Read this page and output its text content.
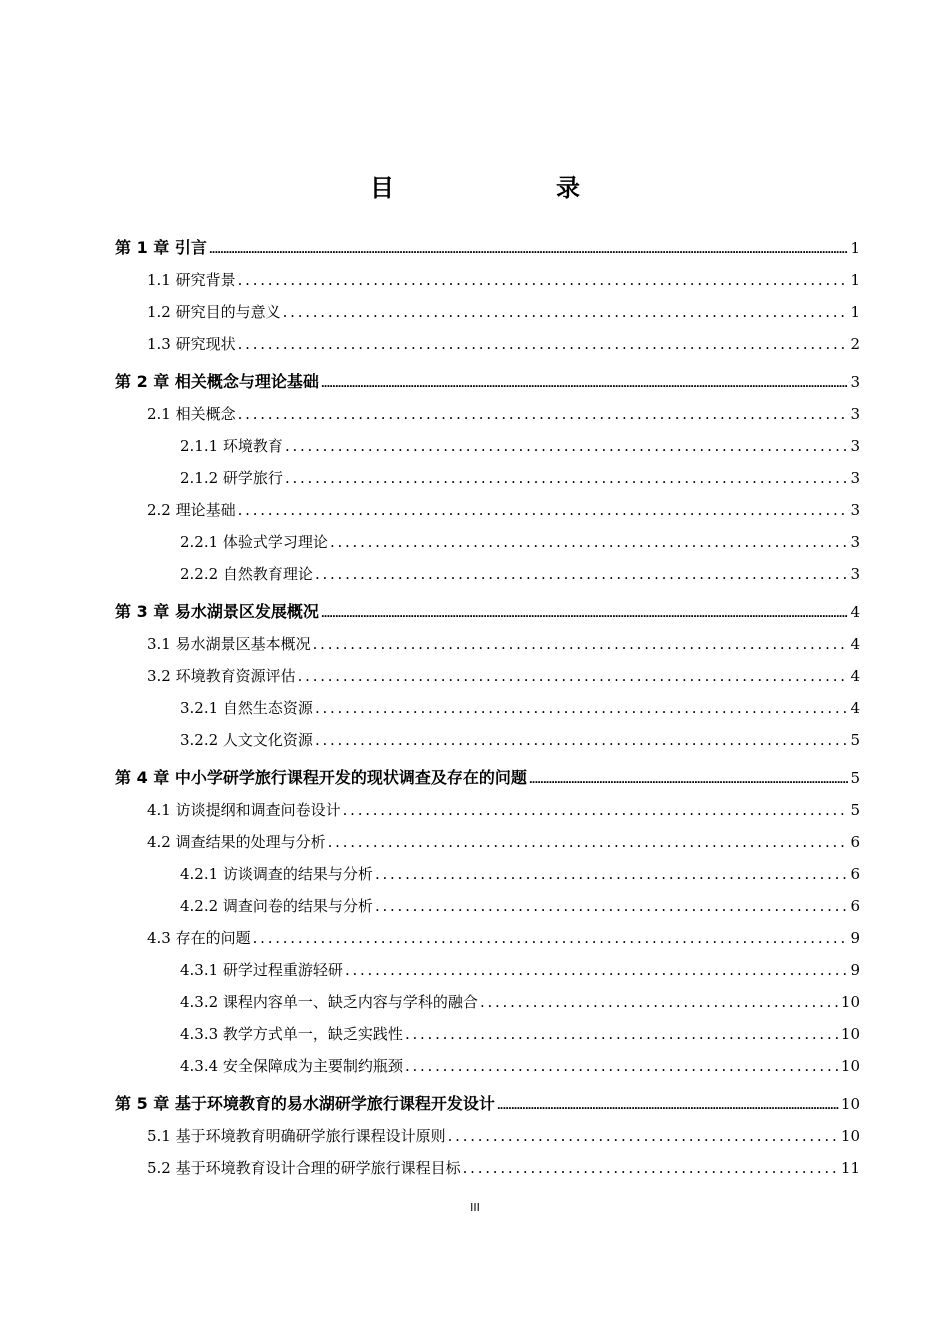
目　　录
第 1 章 引言 .....	1
1.1 研究背景 . . .	1
1.2 研究目的与意义 . . .	1
1.3 研究现状 . . .	2
第 2 章 相关概念与理论基础 .....	3
2.1 相关概念 . . .	3
2.1.1 环境教育 . . .	3
2.1.2 研学旅行 . . .	3
2.2 理论基础 . . .	3
2.2.1 体验式学习理论 . . .	3
2.2.2 自然教育理论 . . .	3
第 3 章 易水湖景区发展概况 .....	4
3.1 易水湖景区基本概况 . . .	4
3.2 环境教育资源评估 . . .	4
3.2.1 自然生态资源 . . .	4
3.2.2 人文文化资源 . . .	5
第 4 章 中小学研学旅行课程开发的现状调查及存在的问题 .....	5
4.1 访谈提纲和调查问卷设计 . . .	5
4.2 调查结果的处理与分析 . . .	6
4.2.1 访谈调查的结果与分析 . . .	6
4.2.2 调查问卷的结果与分析 . . .	6
4.3 存在的问题 . . .	9
4.3.1 研学过程重游轻研 . . .	9
4.3.2 课程内容单一、缺乏内容与学科的融合 . . .	10
4.3.3 教学方式单一，缺乏实践性 . . .	10
4.3.4 安全保障成为主要制约瓶颈 . . .	10
第 5 章 基于环境教育的易水湖研学旅行课程开发设计 .....	10
5.1 基于环境教育明确研学旅行课程设计原则 . . .	10
5.2 基于环境教育设计合理的研学旅行课程目标 . . .	11
III
